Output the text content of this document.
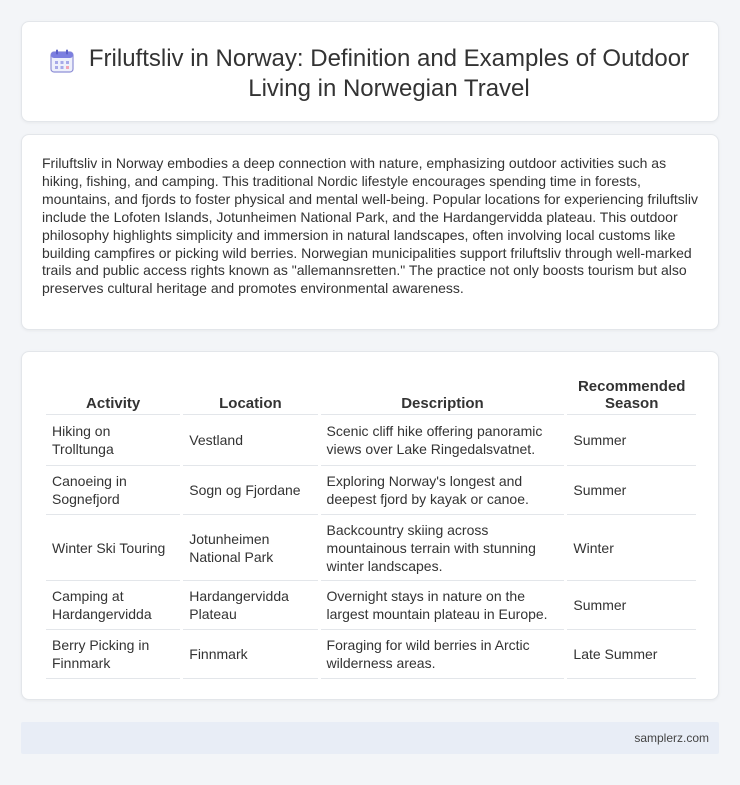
Friluftsliv in Norway: Definition and Examples of Outdoor Living in Norwegian Travel

Friluftsliv in Norway embodies a deep connection with nature, emphasizing outdoor activities such as hiking, fishing, and camping. This traditional Nordic lifestyle encourages spending time in forests, mountains, and fjords to foster physical and mental well-being. Popular locations for experiencing friluftsliv include the Lofoten Islands, Jotunheimen National Park, and the Hardangervidda plateau. This outdoor philosophy highlights simplicity and immersion in natural landscapes, often involving local customs like building campfires or picking wild berries. Norwegian municipalities support friluftsliv through well-marked trails and public access rights known as "allemannsretten." The practice not only boosts tourism but also preserves cultural heritage and promotes environmental awareness.

Activity	Location	Description	Recommended Season
Hiking on Trolltunga	Vestland	Scenic cliff hike offering panoramic views over Lake Ringedalsvatnet.	Summer
Canoeing in Sognefjord	Sogn og Fjordane	Exploring Norway's longest and deepest fjord by kayak or canoe.	Summer
Winter Ski Touring	Jotunheimen National Park	Backcountry skiing across mountainous terrain with stunning winter landscapes.	Winter
Camping at Hardangervidda	Hardangervidda Plateau	Overnight stays in nature on the largest mountain plateau in Europe.	Summer
Berry Picking in Finnmark	Finnmark	Foraging for wild berries in Arctic wilderness areas.	Late Summer
samplerz.com
